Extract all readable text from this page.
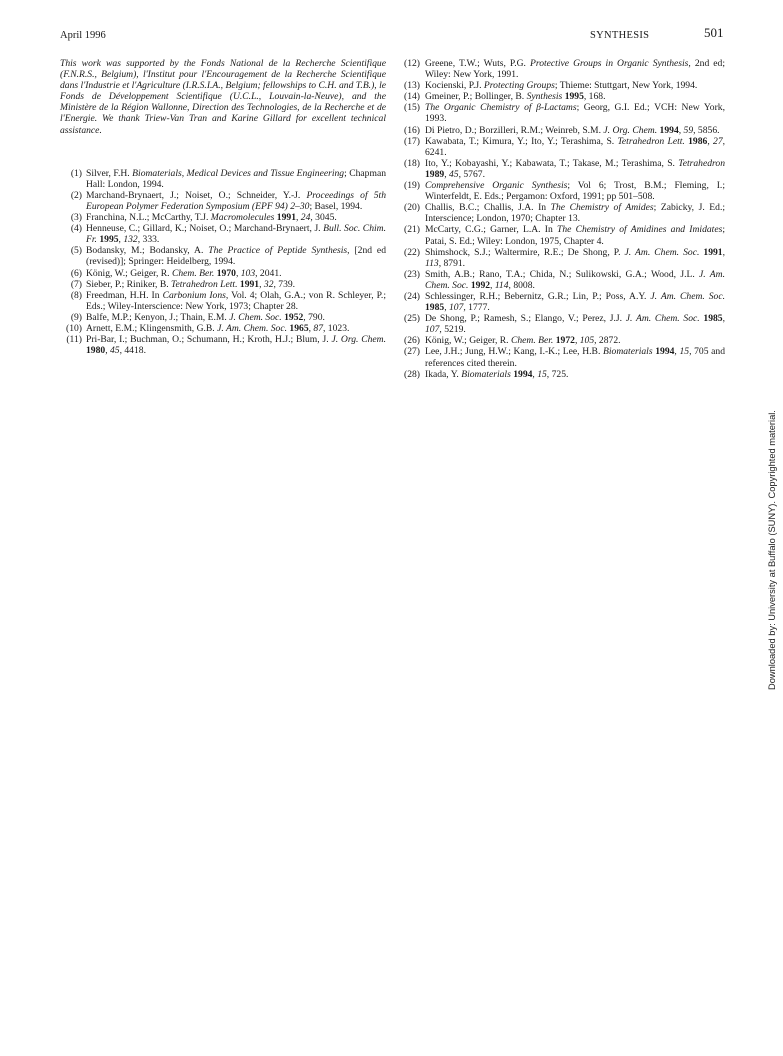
April 1996	SYNTHESIS	501

This work was supported by the Fonds National de la Recherche Scientifique (F.N.R.S., Belgium), l'Institut pour l'Encouragement de la Recherche Scientifique dans l'Industrie et l'Agriculture (I.R.S.I.A., Belgium; fellowships to C.H. and T.B.), le Fonds de Développement Scientifique (U.C.L., Louvain-la-Neuve), and the Ministère de la Région Wallonne, Direction des Technologies, de la Recherche et de l'Energie. We thank Triew-Van Tran and Karine Gillard for excellent technical assistance.

(1) Silver, F.H. Biomaterials, Medical Devices and Tissue Engineering; Chapman Hall: London, 1994.
(2) Marchand-Brynaert, J.; Noiset, O.; Schneider, Y.-J. Proceedings of 5th European Polymer Federation Symposium (EPF 94) 2–30; Basel, 1994.
(3) Franchina, N.L.; McCarthy, T.J. Macromolecules 1991, 24, 3045.
(4) Henneuse, C.; Gillard, K.; Noiset, O.; Marchand-Brynaert, J. Bull. Soc. Chim. Fr. 1995, 132, 333.
(5) Bodansky, M.; Bodansky, A. The Practice of Peptide Synthesis, [2nd ed (revised)]; Springer: Heidelberg, 1994.
(6) König, W.; Geiger, R. Chem. Ber. 1970, 103, 2041.
(7) Sieber, P.; Riniker, B. Tetrahedron Lett. 1991, 32, 739.
(8) Freedman, H.H. In Carbonium Ions, Vol. 4; Olah, G.A.; von R. Schleyer, P.; Eds.; Wiley-Interscience: New York, 1973; Chapter 28.
(9) Balfe, M.P.; Kenyon, J.; Thain, E.M. J. Chem. Soc. 1952, 790.
(10) Arnett, E.M.; Klingensmith, G.B. J. Am. Chem. Soc. 1965, 87, 1023.
(11) Pri-Bar, I.; Buchman, O.; Schumann, H.; Kroth, H.J.; Blum, J. J. Org. Chem. 1980, 45, 4418.
(12) Greene, T.W.; Wuts, P.G. Protective Groups in Organic Synthesis, 2nd ed; Wiley: New York, 1991.
(13) Kocienski, P.J. Protecting Groups; Thieme: Stuttgart, New York, 1994.
(14) Gmeiner, P.; Bollinger, B. Synthesis 1995, 168.
(15) The Organic Chemistry of β-Lactams; Georg, G.I. Ed.; VCH: New York, 1993.
(16) Di Pietro, D.; Borzilleri, R.M.; Weinreb, S.M. J. Org. Chem. 1994, 59, 5856.
(17) Kawabata, T.; Kimura, Y.; Ito, Y.; Terashima, S. Tetrahedron Lett. 1986, 27, 6241.
(18) Ito, Y.; Kobayashi, Y.; Kabawata, T.; Takase, M.; Terashima, S. Tetrahedron 1989, 45, 5767.
(19) Comprehensive Organic Synthesis; Vol 6; Trost, B.M.; Fleming, I.; Winterfeldt, E. Eds.; Pergamon: Oxford, 1991; pp 501–508.
(20) Challis, B.C.; Challis, J.A. In The Chemistry of Amides; Zabicky, J. Ed.; Interscience; London, 1970; Chapter 13.
(21) McCarty, C.G.; Garner, L.A. In The Chemistry of Amidines and Imidates; Patai, S. Ed.; Wiley: London, 1975, Chapter 4.
(22) Shimshock, S.J.; Waltermire, R.E.; De Shong, P. J. Am. Chem. Soc. 1991, 113, 8791.
(23) Smith, A.B.; Rano, T.A.; Chida, N.; Sulikowski, G.A.; Wood, J.L. J. Am. Chem. Soc. 1992, 114, 8008.
(24) Schlessinger, R.H.; Bebernitz, G.R.; Lin, P.; Poss, A.Y. J. Am. Chem. Soc. 1985, 107, 1777.
(25) De Shong, P.; Ramesh, S.; Elango, V.; Perez, J.J. J. Am. Chem. Soc. 1985, 107, 5219.
(26) König, W.; Geiger, R. Chem. Ber. 1972, 105, 2872.
(27) Lee, J.H.; Jung, H.W.; Kang, I.-K.; Lee, H.B. Biomaterials 1994, 15, 705 and references cited therein.
(28) Ikada, Y. Biomaterials 1994, 15, 725.
Downloaded by: University at Buffalo (SUNY). Copyrighted material.
